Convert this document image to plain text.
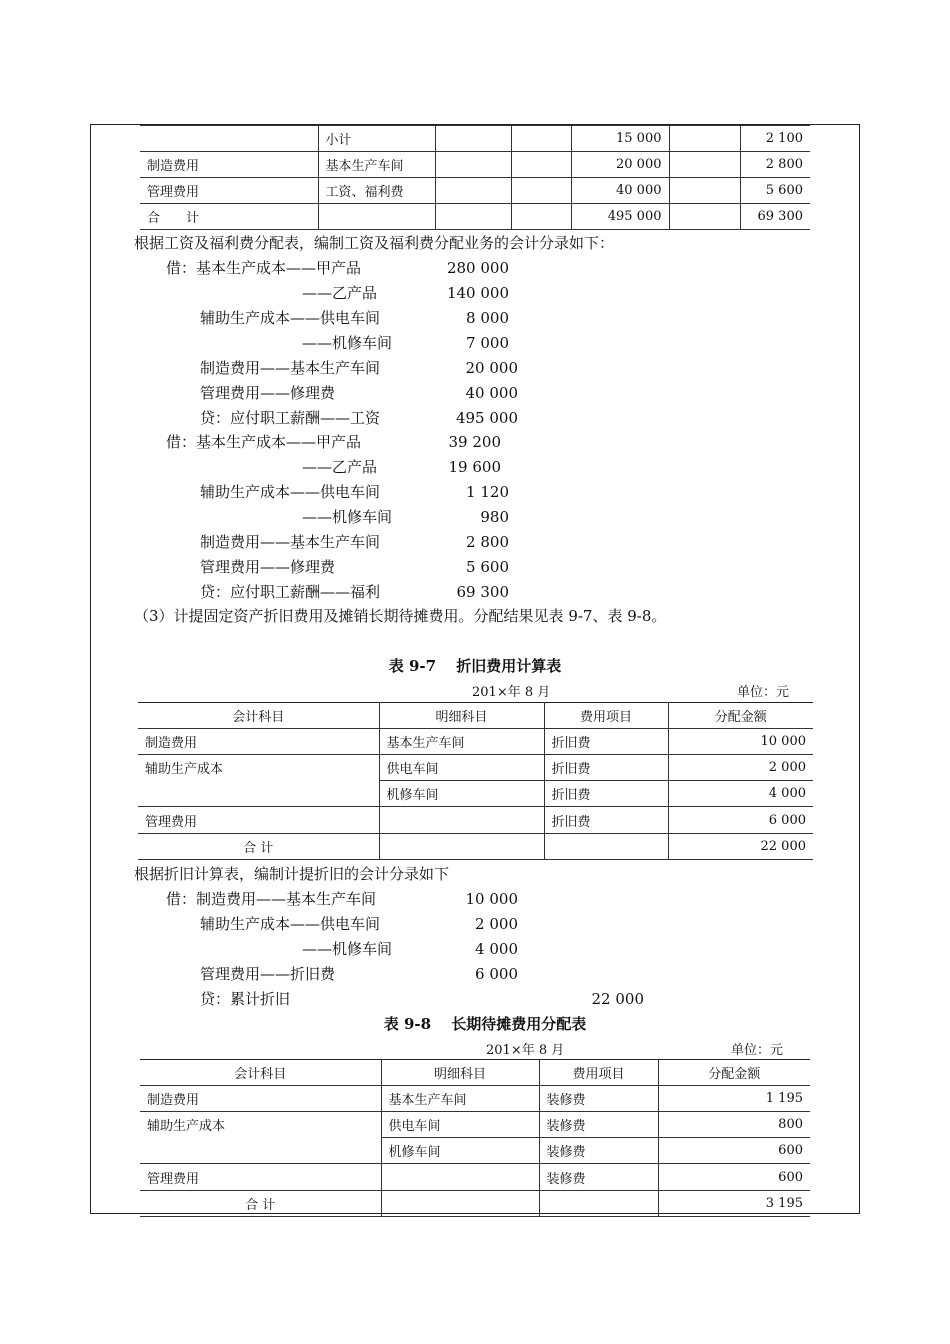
	小计			15 000		2 100
制造费用	基本生产车间			20 000		2 800
管理费用	工资、福利费			40 000		5 600
合　　计				495 000		69 300
根据工资及福利费分配表，编制工资及福利费分配业务的会计分录如下：
借：基本生产成本——甲产品	280 000
——乙产品	140 000
辅助生产成本——供电车间	8 000
——机修车间	7 000
制造费用——基本生产车间	20 000
管理费用——修理费	40 000
贷：应付职工薪酬——工资	495 000
借：基本生产成本——甲产品	39 200
——乙产品	19 600
辅助生产成本——供电车间	1 120
——机修车间	980
制造费用——基本生产车间	2 800
管理费用——修理费	5 600
贷：应付职工薪酬——福利	69 300
（3）计提固定资产折旧费用及摊销长期待摊费用。分配结果见表 9-7、表 9-8。
表 9-7　 折旧费用计算表
201×年 8 月	单位：元
会计科目	明细科目	费用项目	分配金额
制造费用	基本生产车间	折旧费	10 000
辅助生产成本	供电车间	折旧费	2 000
	机修车间	折旧费	4 000
管理费用		折旧费	6 000
合 计			22 000
根据折旧计算表，编制计提折旧的会计分录如下
借：制造费用——基本生产车间	10 000
辅助生产成本——供电车间	2 000
——机修车间	4 000
管理费用——折旧费	6 000
贷：累计折旧	22 000
表 9-8　 长期待摊费用分配表
201×年 8 月	单位：元
会计科目	明细科目	费用项目	分配金额
制造费用	基本生产车间	装修费	1 195
辅助生产成本	供电车间	装修费	800
	机修车间	装修费	600
管理费用		装修费	600
合 计			3 195
